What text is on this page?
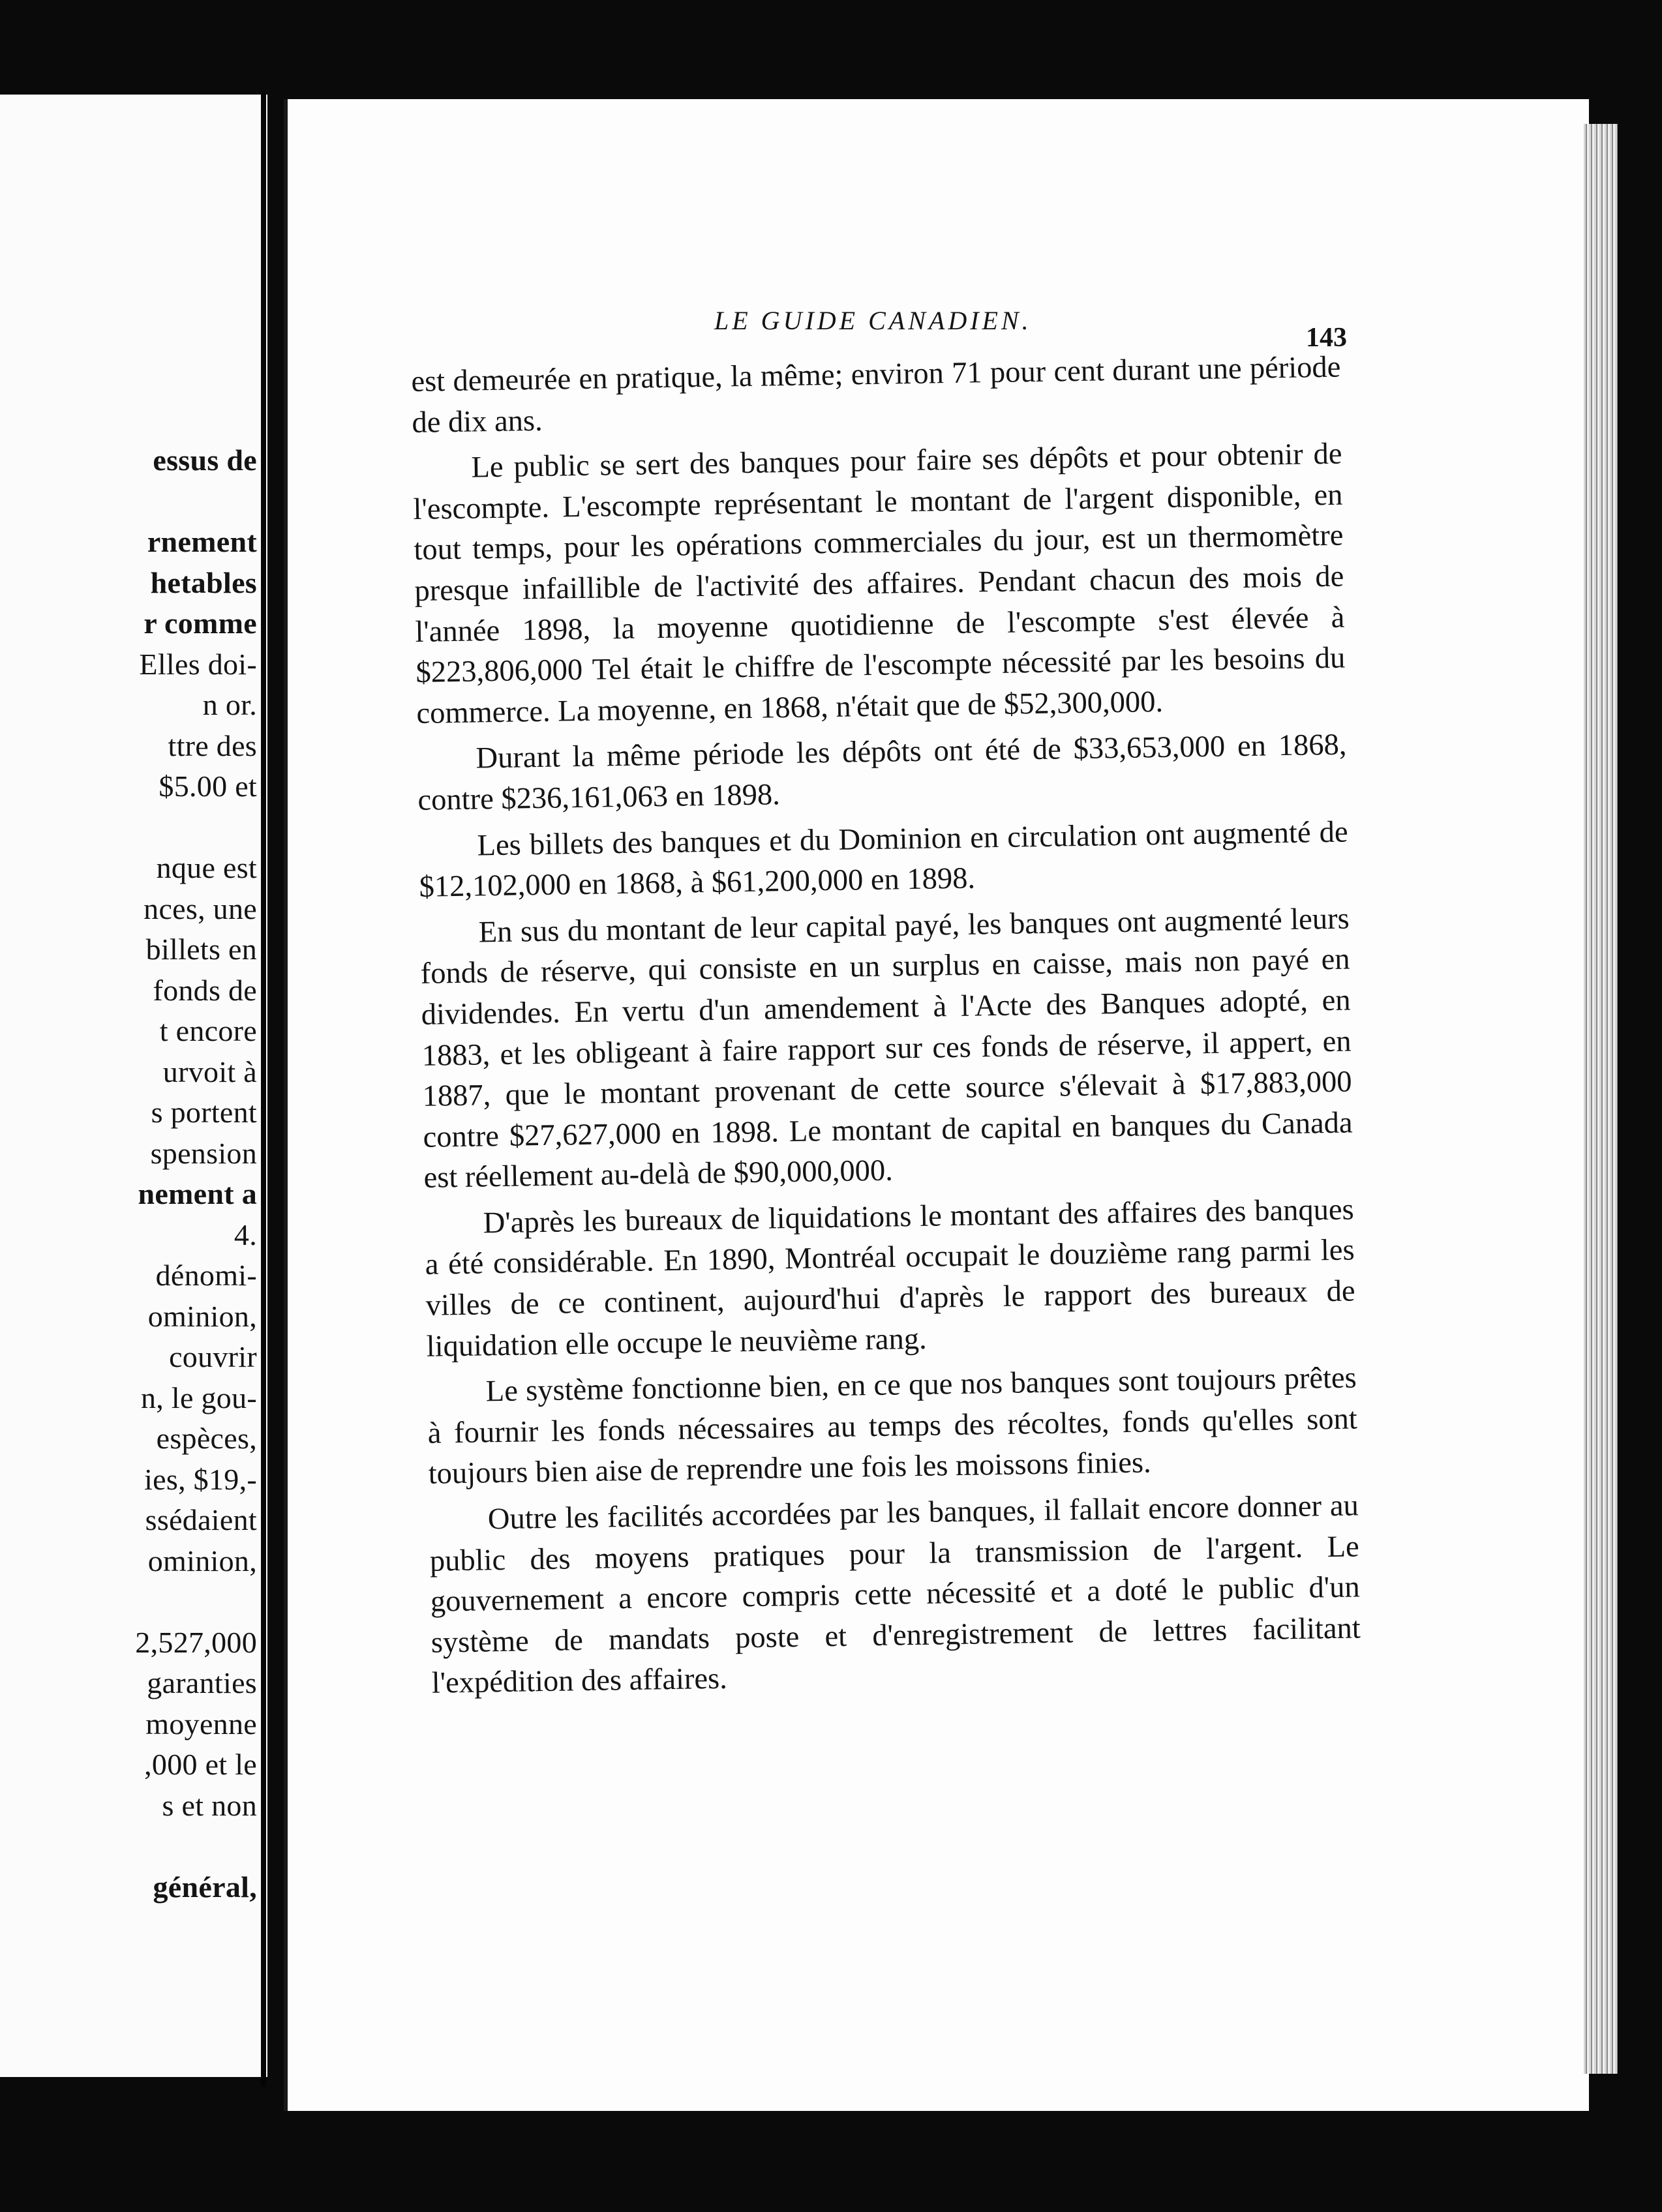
essus de
rnement
hetables
r comme
Elles doi-
n or.
ttre des
$5.00 et
nque est
nces, une
billets en
fonds de
t encore
urvoit à
s portent
spension
nement a
4.
dénomi-
ominion,
couvrir
n, le gou-
espèces,
ies, $19,-
ssédaient
ominion,
2,527,000
garanties
moyenne
,000 et le
s et non
général,
LE GUIDE CANADIEN.
143

est demeurée en pratique, la même; environ 71 pour cent durant une période de dix ans.

Le public se sert des banques pour faire ses dépôts et pour obtenir de l'escompte. L'escompte représentant le montant de l'argent disponible, en tout temps, pour les opérations commerciales du jour, est un thermomètre presque infaillible de l'activité des affaires. Pendant chacun des mois de l'année 1898, la moyenne quotidienne de l'escompte s'est élevée à $223,806,000 Tel était le chiffre de l'escompte nécessité par les besoins du commerce. La moyenne, en 1868, n'était que de $52,300,000.

Durant la même période les dépôts ont été de $33,653,000 en 1868, contre $236,161,063 en 1898.

Les billets des banques et du Dominion en circulation ont augmenté de $12,102,000 en 1868, à $61,200,000 en 1898.

En sus du montant de leur capital payé, les banques ont augmenté leurs fonds de réserve, qui consiste en un surplus en caisse, mais non payé en dividendes. En vertu d'un amendement à l'Acte des Banques adopté, en 1883, et les obligeant à faire rapport sur ces fonds de réserve, il appert, en 1887, que le montant provenant de cette source s'élevait à $17,883,000 contre $27,627,000 en 1898. Le montant de capital en banques du Canada est réellement au-delà de $90,000,000.

D'après les bureaux de liquidations le montant des affaires des banques a été considérable. En 1890, Montréal occupait le douzième rang parmi les villes de ce continent, aujourd'hui d'après le rapport des bureaux de liquidation elle occupe le neuvième rang.

Le système fonctionne bien, en ce que nos banques sont toujours prêtes à fournir les fonds nécessaires au temps des récoltes, fonds qu'elles sont toujours bien aise de reprendre une fois les moissons finies.

Outre les facilités accordées par les banques, il fallait encore donner au public des moyens pratiques pour la transmission de l'argent. Le gouvernement a encore compris cette nécessité et a doté le public d'un système de mandats poste et d'enregistrement de lettres facilitant l'expédition des affaires.
